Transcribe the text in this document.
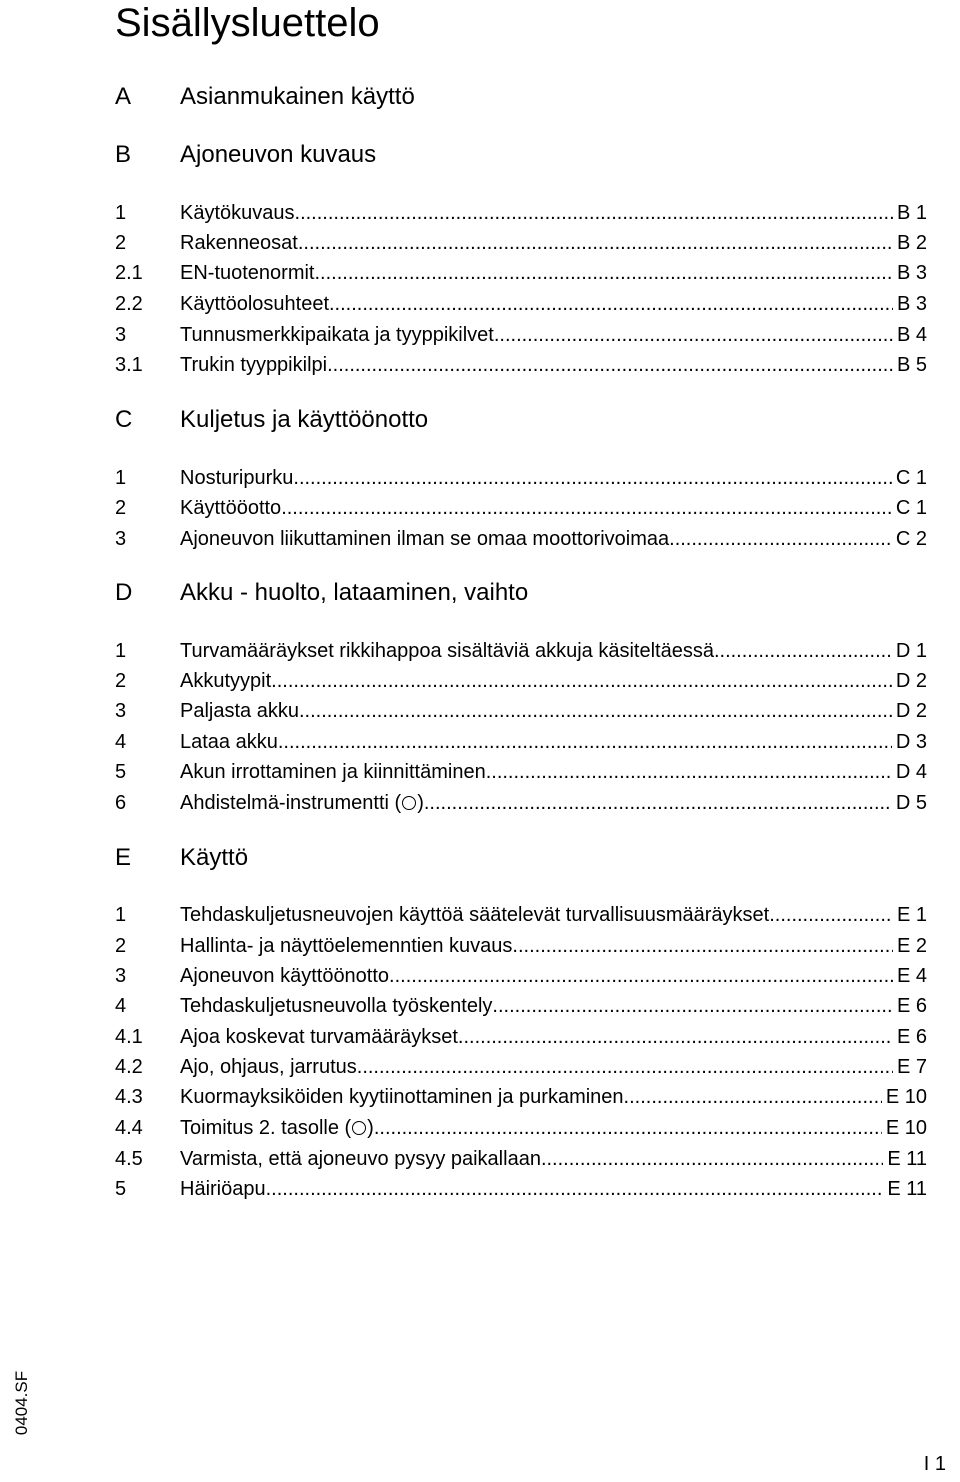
Sisällysluettelo
A Asianmukainen käyttö
B Ajoneuvon kuvaus
1	Käytökuvaus .....	B 1
2	Rakenneosat .....	B 2
2.1 EN-tuotenormit .....	B 3
2.2 Käyttöolosuhteet .....	B 3
3	Tunnusmerkkipaikata ja tyyppikilvet .....	B 4
3.1 Trukin tyyppikilpi .....	B 5
C Kuljetus ja käyttöönotto
1	Nosturipurku .....	C 1
2	Käyttööotto .....	C 1
3	Ajoneuvon liikuttaminen ilman se omaa moottorivoimaa .....	C 2
D Akku - huolto, lataaminen, vaihto
1	Turvamääräykset rikkihappoa sisältäviä akkuja käsiteltäessä .....	D 1
2	Akkutyypit .....	D 2
3	Paljasta akku .....	D 2
4	Lataa akku .....	D 3
5	Akun irrottaminen ja kiinnittäminen .....	D 4
6	Ahdistelmä-instrumentti ( ) .....	D 5
E Käyttö
1	Tehdaskuljetusneuvojen käyttöä säätelevät turvallisuusmääräykset .....	E 1
2	Hallinta- ja näyttöelemenntien kuvaus .....	E 2
3	Ajoneuvon käyttöönotto .....	E 4
4	Tehdaskuljetusneuvolla työskentely .....	E 6
4.1 Ajoa koskevat turvamääräykset .....	E 6
4.2 Ajo, ohjaus, jarrutus .....	E 7
4.3 Kuormayksiköiden kyytiinottaminen ja purkaminen .....	E 10
4.4 Toimitus 2. tasolle ( ) .....	E 10
4.5 Varmista, että ajoneuvo pysyy paikallaan .....	E 11
5	Häiriöapu .....	E 11
0404.SF
I 1
